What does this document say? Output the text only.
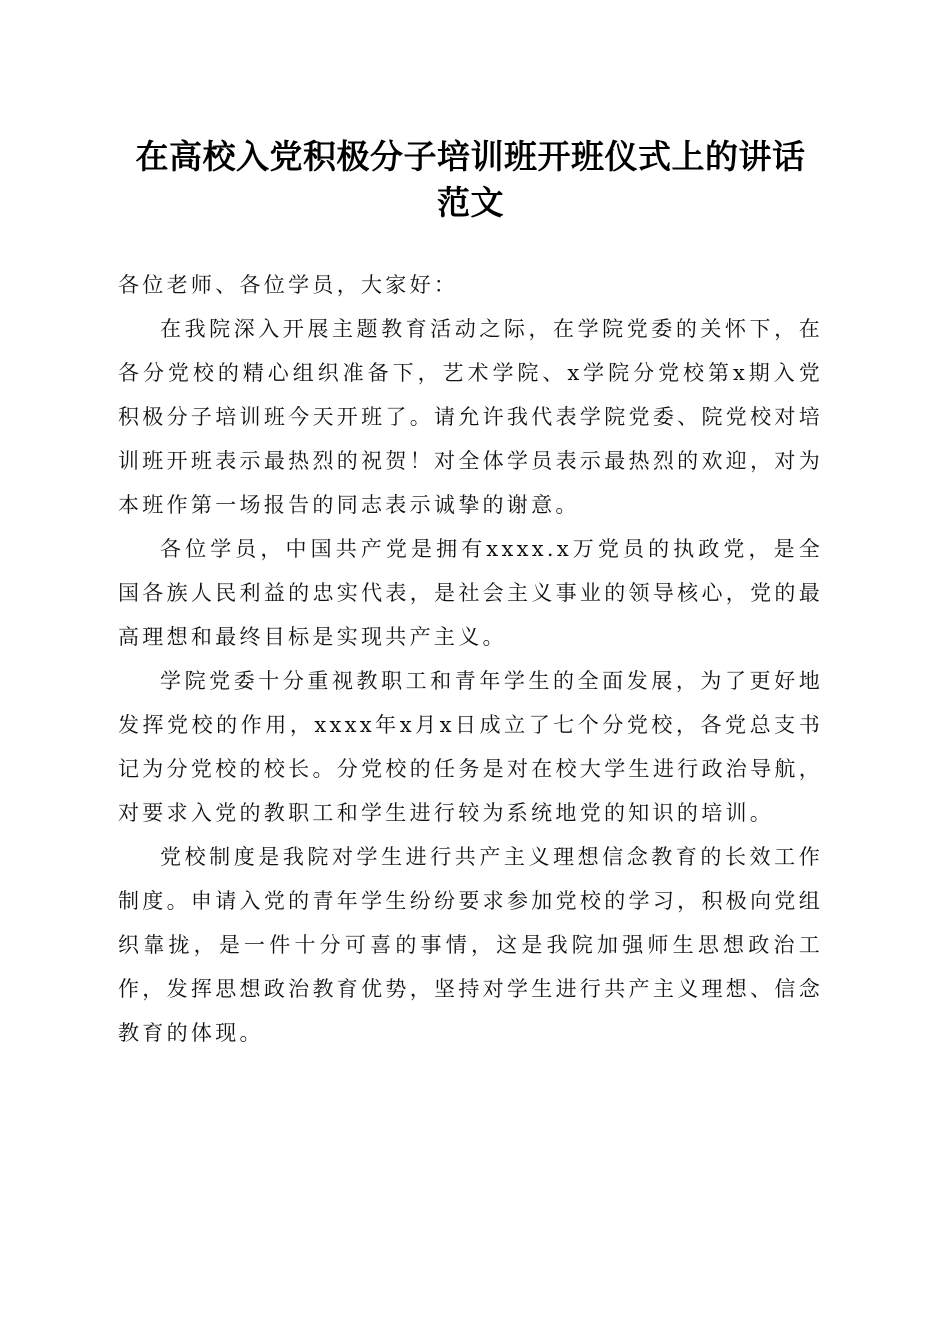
在高校入党积极分子培训班开班仪式上的讲话
范文

各位老师、各位学员，大家好：

在我院深入开展主题教育活动之际，在学院党委的关怀下，在各分党校的精心组织准备下，艺术学院、x学院分党校第x期入党积极分子培训班今天开班了。请允许我代表学院党委、院党校对培训班开班表示最热烈的祝贺！对全体学员表示最热烈的欢迎，对为本班作第一场报告的同志表示诚挚的谢意。

各位学员，中国共产党是拥有xxxx.x万党员的执政党，是全国各族人民利益的忠实代表，是社会主义事业的领导核心，党的最高理想和最终目标是实现共产主义。

学院党委十分重视教职工和青年学生的全面发展，为了更好地发挥党校的作用，xxxx年x月x日成立了七个分党校，各党总支书记为分党校的校长。分党校的任务是对在校大学生进行政治导航，对要求入党的教职工和学生进行较为系统地党的知识的培训。

党校制度是我院对学生进行共产主义理想信念教育的长效工作制度。申请入党的青年学生纷纷要求参加党校的学习，积极向党组织靠拢，是一件十分可喜的事情，这是我院加强师生思想政治工作，发挥思想政治教育优势，坚持对学生进行共产主义理想、信念教育的体现。
